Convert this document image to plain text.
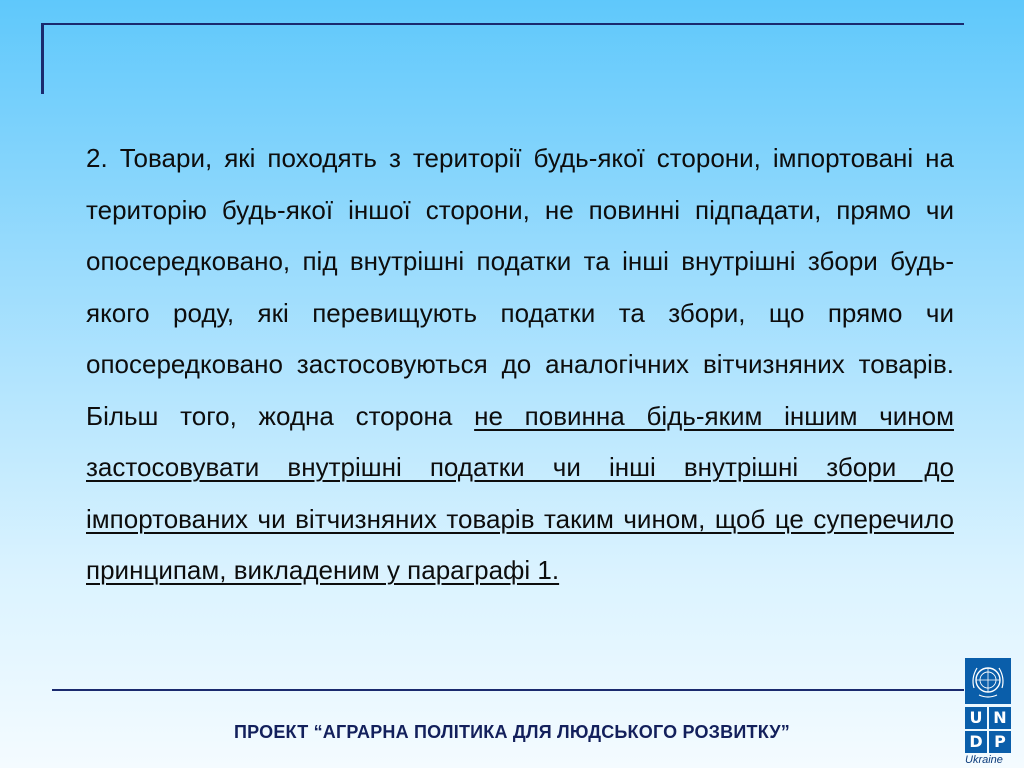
2. Товари, які походять з території будь-якої сторони, імпортовані на територію будь-якої іншої сторони, не повинні підпадати, прямо чи опосередковано, під внутрішні податки та інші внутрішні збори будь-якого роду, які перевищують податки та збори, що прямо чи опосередковано застосовуються до аналогічних вітчизняних товарів. Більш того, жодна сторона не повинна бідь-яким іншим чином застосовувати внутрішні податки чи інші внутрішні збори до імпортованих чи вітчизняних товарів таким чином, щоб це суперечило принципам, викладеним у параграфі 1.
ПРОЕКТ “АГРАРНА ПОЛІТИКА ДЛЯ ЛЮДСЬКОГО РОЗВИТКУ”
U N
D P
Ukraine
